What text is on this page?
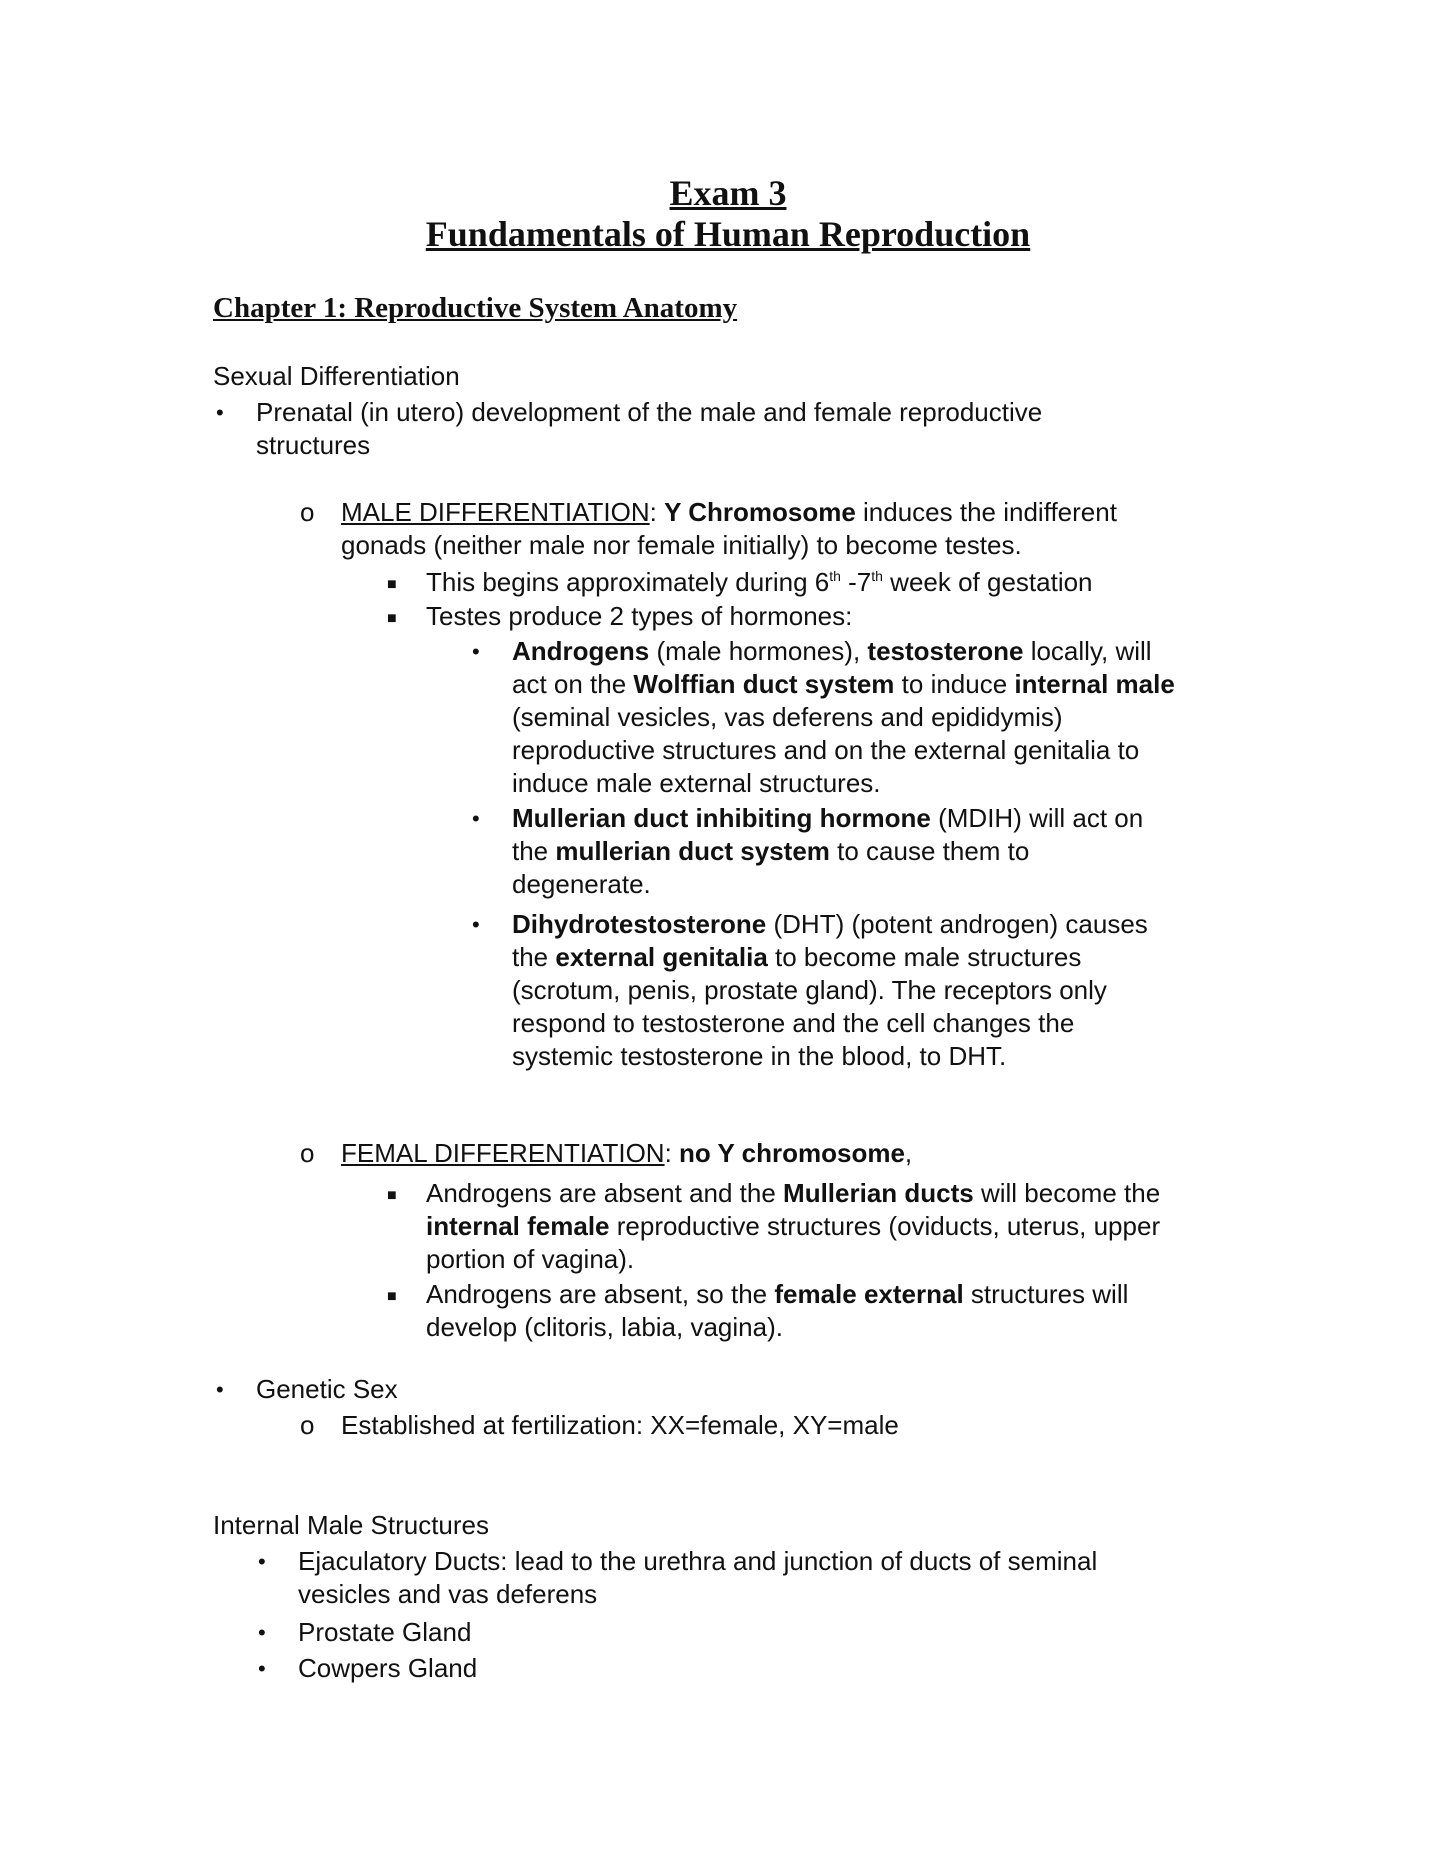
Exam 3
Fundamentals of Human Reproduction
Chapter 1: Reproductive System Anatomy
Sexual Differentiation
• Prenatal (in utero) development of the male and female reproductive
structures
o MALE DIFFERENTIATION: Y Chromosome induces the indifferent
gonads (neither male nor female initially) to become testes.
■ This begins approximately during 6th -7th week of gestation
■ Testes produce 2 types of hormones:
• Androgens (male hormones), testosterone locally, will
act on the Wolffian duct system to induce internal male
(seminal vesicles, vas deferens and epididymis)
reproductive structures and on the external genitalia to
induce male external structures.
• Mullerian duct inhibiting hormone (MDIH) will act on
the mullerian duct system to cause them to
degenerate.
• Dihydrotestosterone (DHT) (potent androgen) causes
the external genitalia to become male structures
(scrotum, penis, prostate gland). The receptors only
respond to testosterone and the cell changes the
systemic testosterone in the blood, to DHT.
o FEMAL DIFFERENTIATION: no Y chromosome,
■ Androgens are absent and the Mullerian ducts will become the
internal female reproductive structures (oviducts, uterus, upper
portion of vagina).
■ Androgens are absent, so the female external structures will
develop (clitoris, labia, vagina).
• Genetic Sex
o Established at fertilization: XX=female, XY=male
Internal Male Structures
• Ejaculatory Ducts: lead to the urethra and junction of ducts of seminal
vesicles and vas deferens
• Prostate Gland
• Cowpers Gland
